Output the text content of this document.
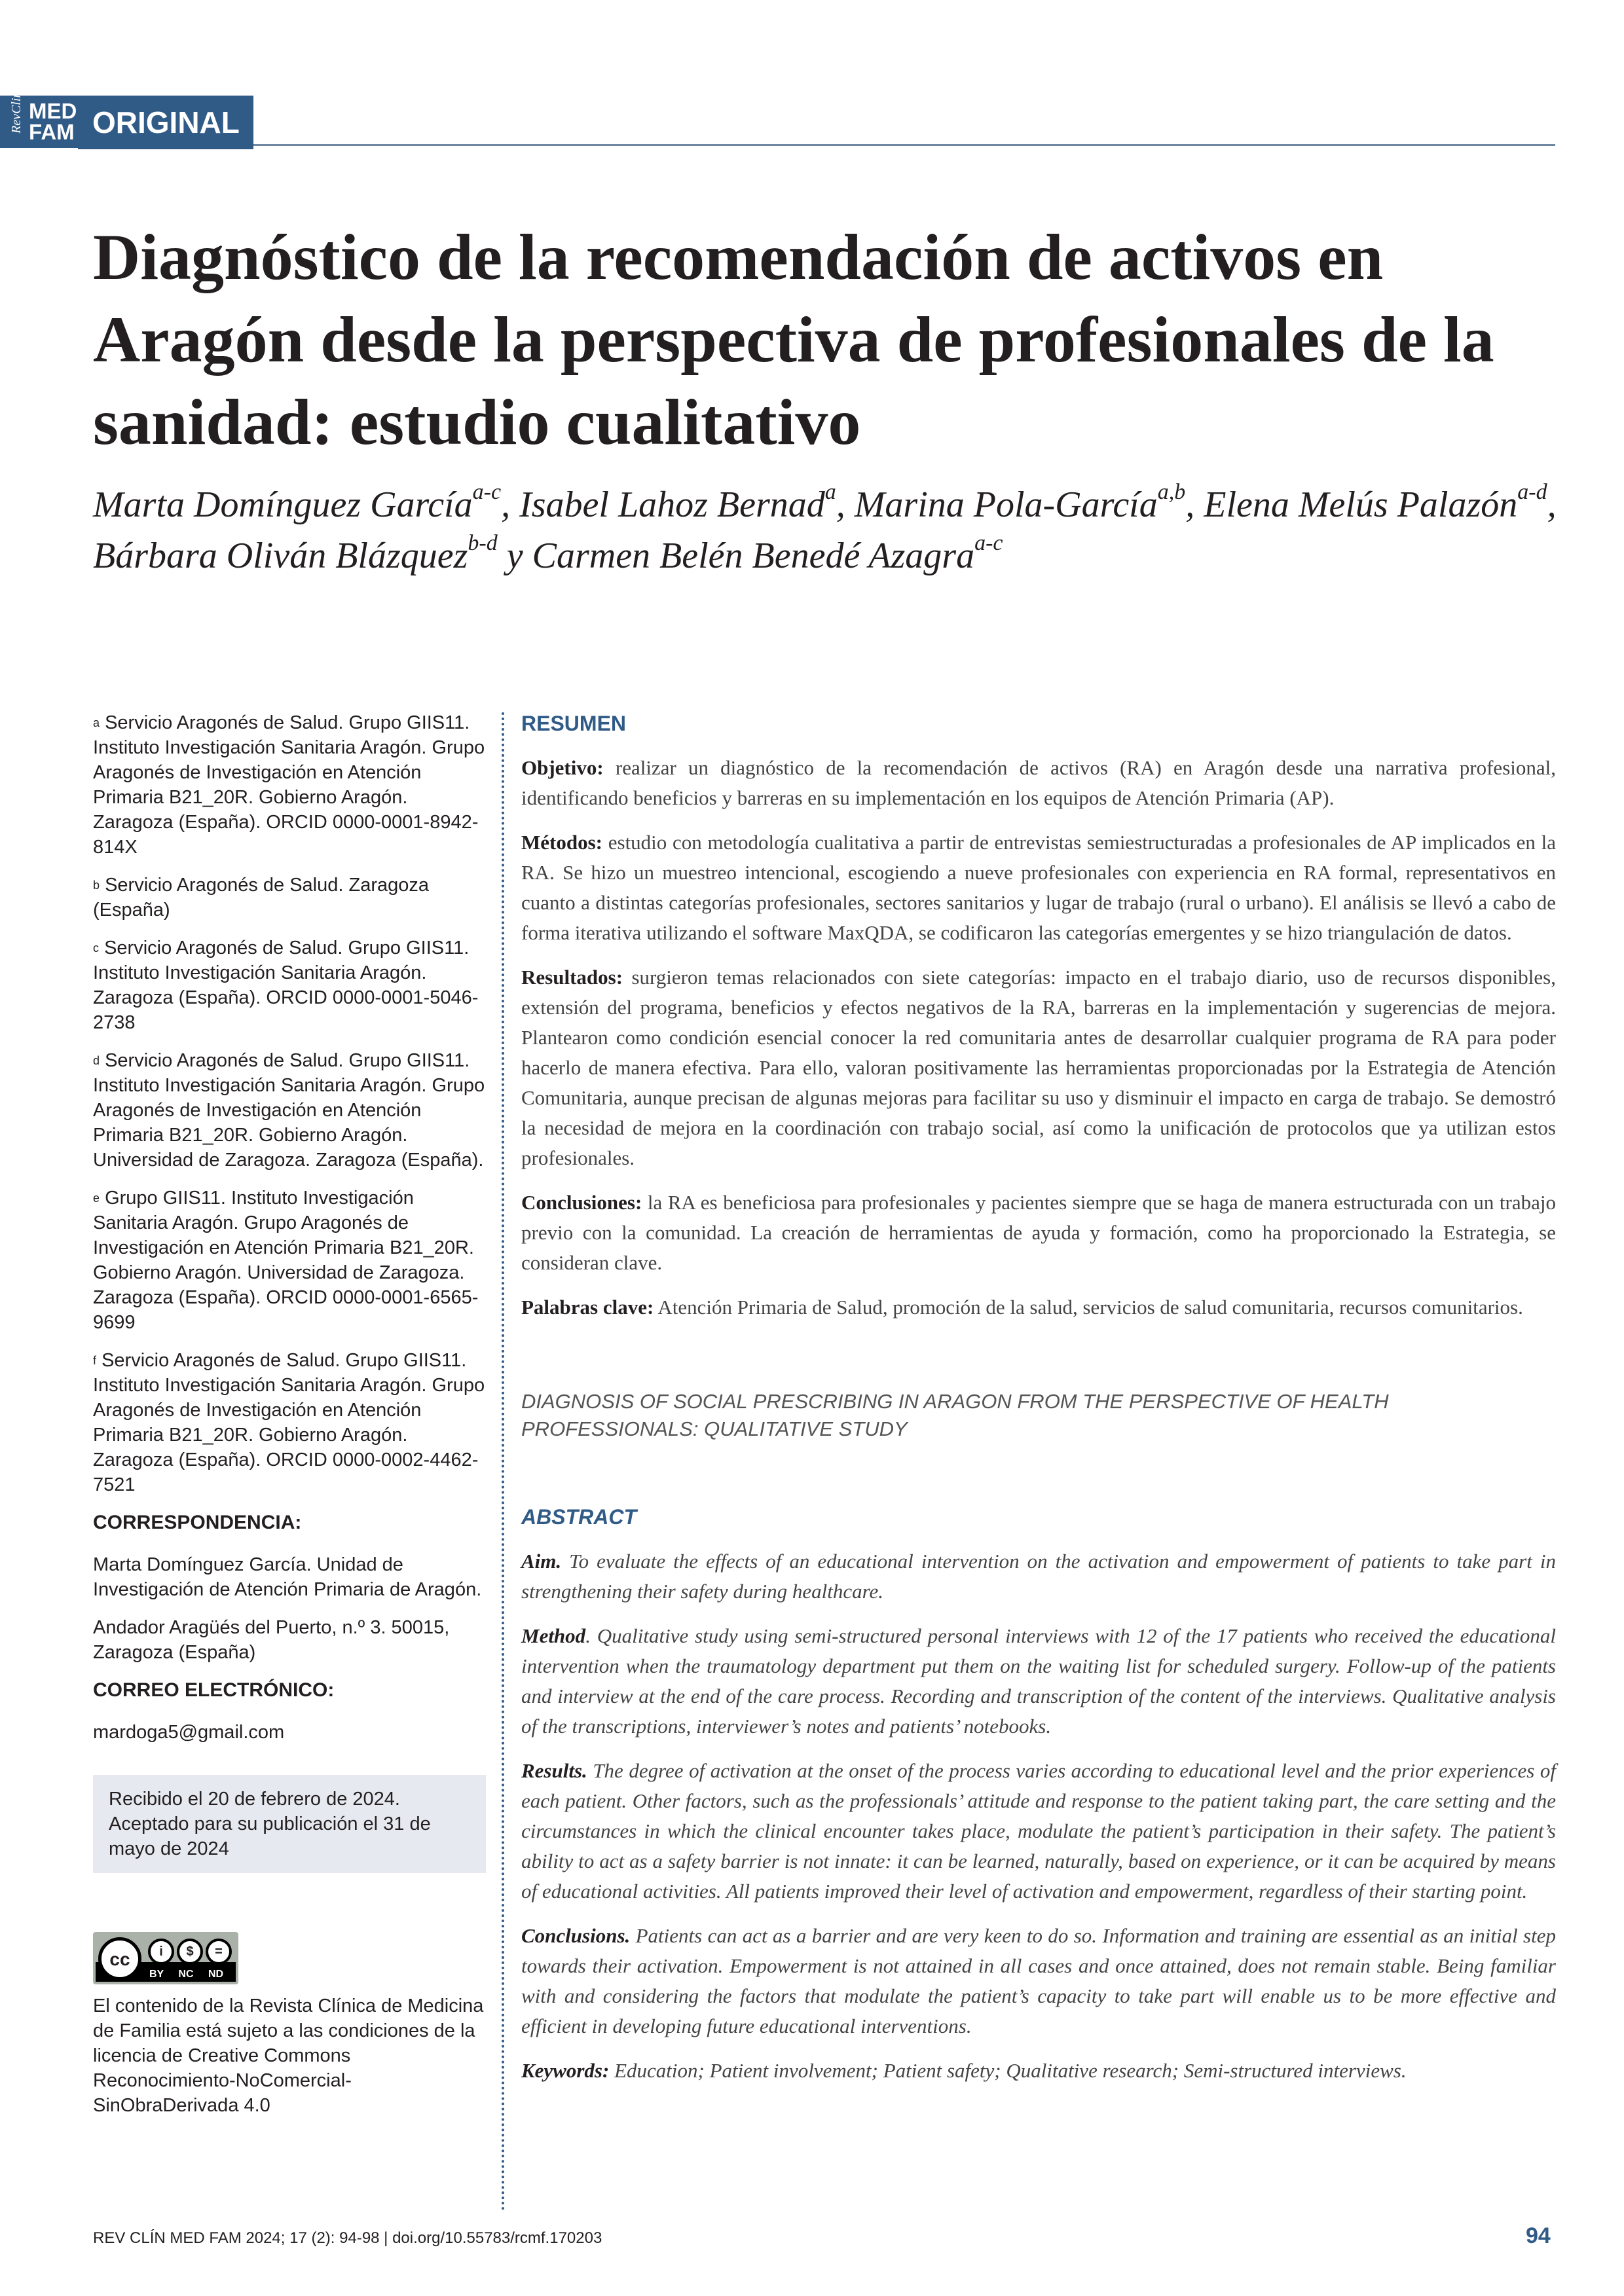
RevClin MED FAM ORIGINAL
Diagnóstico de la recomendación de activos en Aragón desde la perspectiva de profesionales de la sanidad: estudio cualitativo
Marta Domínguez García$^{a-c}$, Isabel Lahoz Bernad$^a$, Marina Pola-García$^{a,b}$, Elena Melús Palazón$^{a-d}$, Bárbara Oliván Blázquez$^{b-d}$ y Carmen Belén Benedé Azagra$^{a-c}$
$^a$ Servicio Aragonés de Salud. Grupo GIIS11. Instituto Investigación Sanitaria Aragón. Grupo Aragonés de Investigación en Atención Primaria B21_20R. Gobierno Aragón. Zaragoza (España). ORCID 0000-0001-8942-814X
$^b$ Servicio Aragonés de Salud. Zaragoza (España)
$^c$ Servicio Aragonés de Salud. Grupo GIIS11. Instituto Investigación Sanitaria Aragón. Zaragoza (España). ORCID 0000-0001-5046-2738
$^d$ Servicio Aragonés de Salud. Grupo GIIS11. Instituto Investigación Sanitaria Aragón. Grupo Aragonés de Investigación en Atención Primaria B21_20R. Gobierno Aragón. Universidad de Zaragoza. Zaragoza (España).
$^e$ Grupo GIIS11. Instituto Investigación Sanitaria Aragón. Grupo Aragonés de Investigación en Atención Primaria B21_20R. Gobierno Aragón. Universidad de Zaragoza. Zaragoza (España). ORCID 0000-0001-6565-9699
$^f$ Servicio Aragonés de Salud. Grupo GIIS11. Instituto Investigación Sanitaria Aragón. Grupo Aragonés de Investigación en Atención Primaria B21_20R. Gobierno Aragón. Zaragoza (España). ORCID 0000-0002-4462-7521
CORRESPONDENCIA:

Marta Domínguez García. Unidad de Investigación de Atención Primaria de Aragón.

Andador Aragüés del Puerto, n.º 3. 50015, Zaragoza (España)

CORREO ELECTRÓNICO:

mardoga5@gmail.com

Recibido el 20 de febrero de 2024. Aceptado para su publicación el 31 de mayo de 2024
cc	i	$	=
BY NC ND

El contenido de la Revista Clínica de Medicina de Familia está sujeto a las condiciones de la licencia de Creative Commons Reconocimiento-NoComercial-SinObraDerivada 4.0

RESUMEN

Objetivo: realizar un diagnóstico de la recomendación de activos (RA) en Aragón desde una narrativa profesional, identificando beneficios y barreras en su implementación en los equipos de Atención Primaria (AP).

Métodos: estudio con metodología cualitativa a partir de entrevistas semiestructuradas a profesionales de AP implicados en la RA. Se hizo un muestreo intencional, escogiendo a nueve profesionales con experiencia en RA formal, representativos en cuanto a distintas categorías profesionales, sectores sanitarios y lugar de trabajo (rural o urbano). El análisis se llevó a cabo de forma iterativa utilizando el software MaxQDA, se codificaron las categorías emergentes y se hizo triangulación de datos.

Resultados: surgieron temas relacionados con siete categorías: impacto en el trabajo diario, uso de recursos disponibles, extensión del programa, beneficios y efectos negativos de la RA, barreras en la implementación y sugerencias de mejora. Plantearon como condición esencial conocer la red comunitaria antes de desarrollar cualquier programa de RA para poder hacerlo de manera efectiva. Para ello, valoran positivamente las herramientas proporcionadas por la Estrategia de Atención Comunitaria, aunque precisan de algunas mejoras para facilitar su uso y disminuir el impacto en carga de trabajo. Se demostró la necesidad de mejora en la coordinación con trabajo social, así como la unificación de protocolos que ya utilizan estos profesionales.

Conclusiones: la RA es beneficiosa para profesionales y pacientes siempre que se haga de manera estructurada con un trabajo previo con la comunidad. La creación de herramientas de ayuda y formación, como ha proporcionado la Estrategia, se consideran clave.

Palabras clave: Atención Primaria de Salud, promoción de la salud, servicios de salud comunitaria, recursos comunitarios.

DIAGNOSIS OF SOCIAL PRESCRIBING IN ARAGON FROM THE PERSPECTIVE OF HEALTH PROFESSIONALS: QUALITATIVE STUDY
ABSTRACT

Aim. To evaluate the effects of an educational intervention on the activation and empowerment of patients to take part in strengthening their safety during healthcare.

Method. Qualitative study using semi-structured personal interviews with 12 of the 17 patients who received the educational intervention when the traumatology department put them on the waiting list for scheduled surgery. Follow-up of the patients and interview at the end of the care process. Recording and transcription of the content of the interviews. Qualitative analysis of the transcriptions, interviewer’s notes and patients’ notebooks.

Results. The degree of activation at the onset of the process varies according to educational level and the prior experiences of each patient. Other factors, such as the professionals’ attitude and response to the patient taking part, the care setting and the circumstances in which the clinical encounter takes place, modulate the patient’s participation in their safety. The patient’s ability to act as a safety barrier is not innate: it can be learned, naturally, based on experience, or it can be acquired by means of educational activities. All patients improved their level of activation and empowerment, regardless of their starting point.

Conclusions. Patients can act as a barrier and are very keen to do so. Information and training are essential as an initial step towards their activation. Empowerment is not attained in all cases and once attained, does not remain stable. Being familiar with and considering the factors that modulate the patient’s capacity to take part will enable us to be more effective and efficient in developing future educational interventions.

Keywords: Education; Patient involvement; Patient safety; Qualitative research; Semi-structured interviews.

REV CLÍN MED FAM 2024; 17 (2): 94-98 | doi.org/10.55783/rcmf.170203	94
